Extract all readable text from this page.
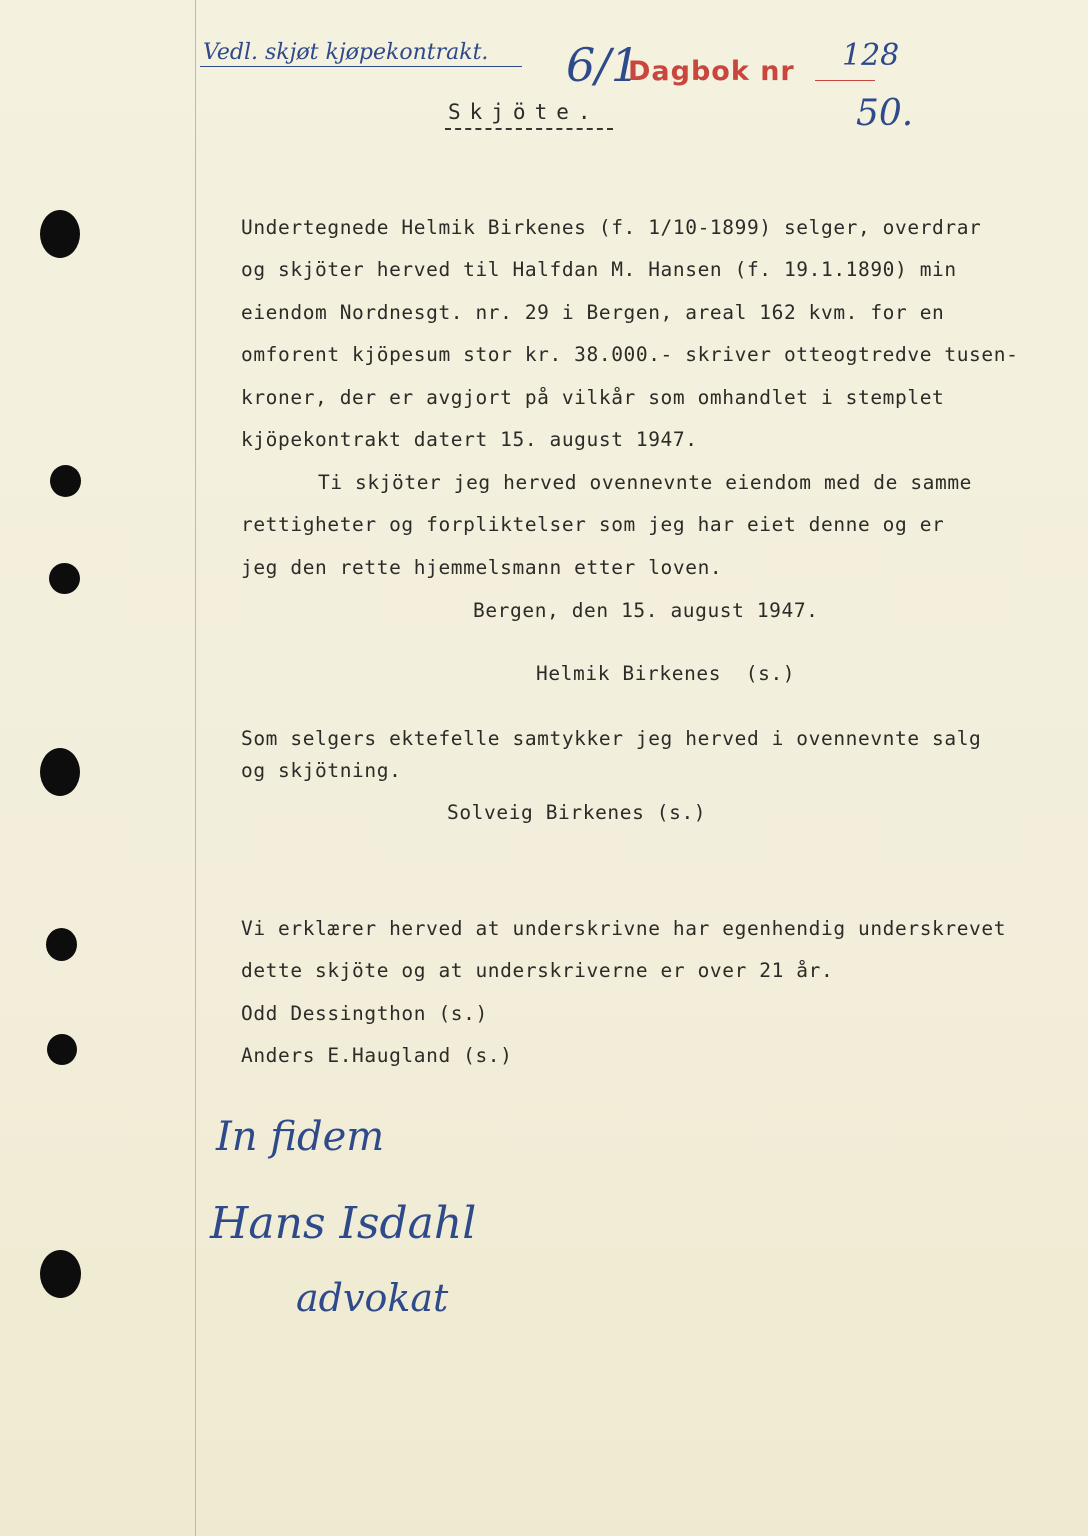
Vedl. skjøt kjøpekontrakt. 6/1
Dagbok nr 128
50.
Skjöte.
Undertegnede Helmik Birkenes (f. 1/10-1899) selger, overdrar
og skjöter herved til Halfdan M. Hansen (f. 19.1.1890) min
eiendom Nordnesgt. nr. 29 i Bergen, areal 162 kvm. for en
omforent kjöpesum stor kr. 38.000.- skriver otteogtredve tusen-
kroner, der er avgjort på vilkår som omhandlet i stemplet
kjöpekontrakt datert 15. august 1947.
Ti skjöter jeg herved ovennevnte eiendom med de samme
rettigheter og forpliktelser som jeg har eiet denne og er
jeg den rette hjemmelsmann etter loven.
Bergen, den 15. august 1947.
Helmik Birkenes  (s.)
Som selgers ektefelle samtykker jeg herved i ovennevnte salg
og skjötning.
Solveig Birkenes (s.)
Vi erklærer herved at underskrivne har egenhendig underskrevet
dette skjöte og at underskriverne er over 21 år.
Odd Dessingthon (s.)
Anders E.Haugland (s.)
In fidem
Hans Isdahl
advokat
